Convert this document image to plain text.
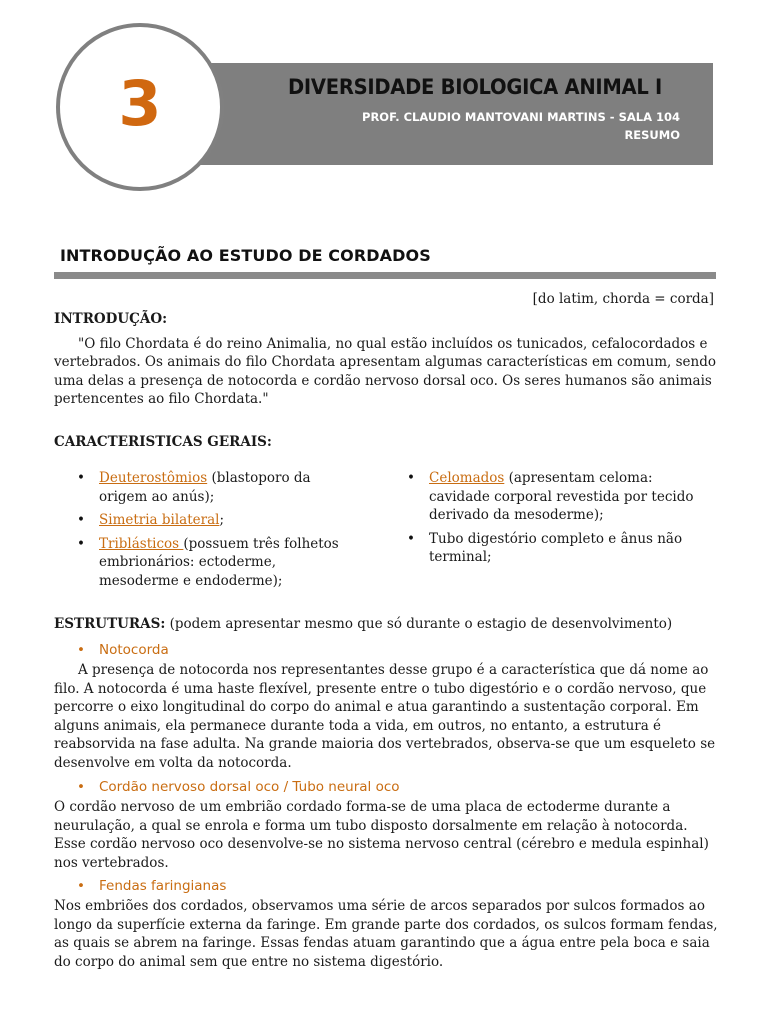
3	DIVERSIDADE BIOLOGICA ANIMAL I
PROF. CLAUDIO MANTOVANI MARTINS - SALA 104
RESUMO
INTRODUÇÃO AO ESTUDO DE CORDADOS
[do latim, chorda = corda]
INTRODUÇÃO:

"O filo Chordata é do reino Animalia, no qual estão incluídos os tunicados, cefalocordados e vertebrados. Os animais do filo Chordata apresentam algumas características em comum, sendo uma delas a presença de notocorda e cordão nervoso dorsal oco. Os seres humanos são animais pertencentes ao filo Chordata."

CARACTERISTICAS GERAIS:
• Deuterostômios (blastoporo da origem ao anús);
• Simetria bilateral;
• Triblásticos (possuem três folhetos embrionários: ectoderme, mesoderme e endoderme);
• Celomados (apresentam celoma: cavidade corporal revestida por tecido derivado da mesoderme);
• Tubo digestório completo e ânus não terminal;
ESTRUTURAS: (podem apresentar mesmo que só durante o estagio de desenvolvimento)
• Notocorda

A presença de notocorda nos representantes desse grupo é a característica que dá nome ao filo. A notocorda é uma haste flexível, presente entre o tubo digestório e o cordão nervoso, que percorre o eixo longitudinal do corpo do animal e atua garantindo a sustentação corporal. Em alguns animais, ela permanece durante toda a vida, em outros, no entanto, a estrutura é reabsorvida na fase adulta. Na grande maioria dos vertebrados, observa-se que um esqueleto se desenvolve em volta da notocorda.

• Cordão nervoso dorsal oco / Tubo neural oco

O cordão nervoso de um embrião cordado forma-se de uma placa de ectoderme durante a neurulação, a qual se enrola e forma um tubo disposto dorsalmente em relação à notocorda. Esse cordão nervoso oco desenvolve-se no sistema nervoso central (cérebro e medula espinhal) nos vertebrados.

• Fendas faringianas

Nos embriões dos cordados, observamos uma série de arcos separados por sulcos formados ao longo da superfície externa da faringe. Em grande parte dos cordados, os sulcos formam fendas, as quais se abrem na faringe. Essas fendas atuam garantindo que a água entre pela boca e saia do corpo do animal sem que entre no sistema digestório.
